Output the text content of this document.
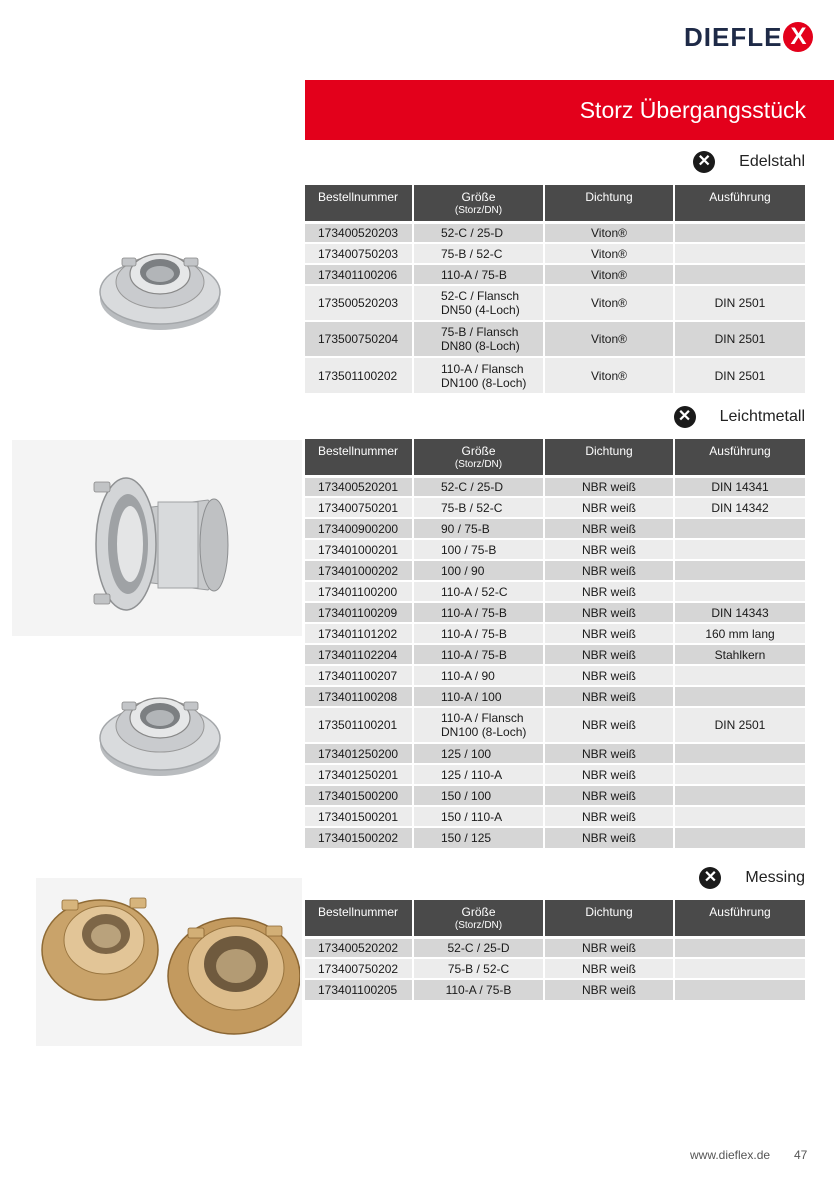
DIEFLE X
Storz Übergangsstück
✕ Edelstahl
Bestellnummer	Größe
(Storz/DN)	Dichtung	Ausführung
173400520203	52-C / 25-D	Viton®	
173400750203	75-B / 52-C	Viton®	
173401100206	110-A / 75-B	Viton®	
173500520203	52-C / Flansch
DN50 (4-Loch)	Viton®	DIN 2501
173500750204	75-B / Flansch
DN80 (8-Loch)	Viton®	DIN 2501
173501100202	110-A / Flansch
DN100 (8-Loch)	Viton®	DIN 2501
✕ Leichtmetall
Bestellnummer	Größe
(Storz/DN)	Dichtung	Ausführung
173400520201	52-C / 25-D	NBR weiß	DIN 14341
173400750201	75-B / 52-C	NBR weiß	DIN 14342
173400900200	90 / 75-B	NBR weiß	
173401000201	100 / 75-B	NBR weiß	
173401000202	100 / 90	NBR weiß	
173401100200	110-A / 52-C	NBR weiß	
173401100209	110-A / 75-B	NBR weiß	DIN 14343
173401101202	110-A / 75-B	NBR weiß	160 mm lang
173401102204	110-A / 75-B	NBR weiß	Stahlkern
173401100207	110-A / 90	NBR weiß	
173401100208	110-A / 100	NBR weiß	
173501100201	110-A / Flansch
DN100 (8-Loch)	NBR weiß	DIN 2501
173401250200	125 / 100	NBR weiß	
173401250201	125 / 110-A	NBR weiß	
173401500200	150 / 100	NBR weiß	
173401500201	150 / 110-A	NBR weiß	
173401500202	150 / 125	NBR weiß	
✕ Messing
Bestellnummer	Größe
(Storz/DN)	Dichtung	Ausführung
173400520202	52-C / 25-D	NBR weiß	
173400750202	75-B / 52-C	NBR weiß	
173401100205	110-A / 75-B	NBR weiß	
www.dieflex.de 47
